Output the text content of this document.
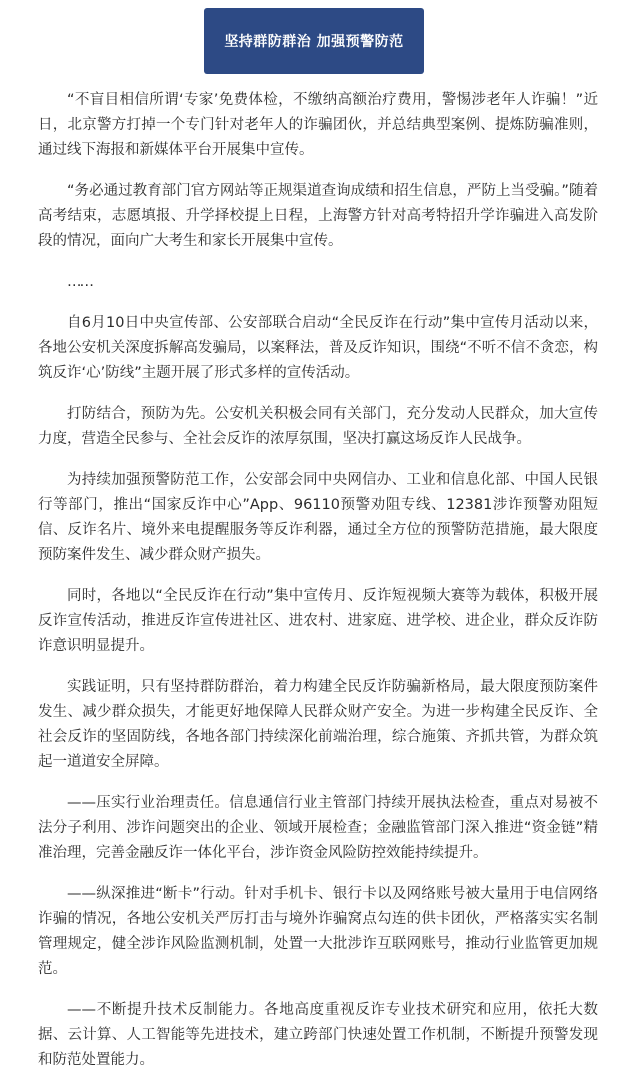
坚持群防群治 加强预警防范

“不盲目相信所谓‘专家’免费体检，不缴纳高额治疗费用，警惕涉老年人诈骗！”近日，北京警方打掉一个专门针对老年人的诈骗团伙，并总结典型案例、提炼防骗准则，通过线下海报和新媒体平台开展集中宣传。

“务必通过教育部门官方网站等正规渠道查询成绩和招生信息，严防上当受骗。”随着高考结束，志愿填报、升学择校提上日程，上海警方针对高考特招升学诈骗进入高发阶段的情况，面向广大考生和家长开展集中宣传。

……

自6月10日中央宣传部、公安部联合启动“全民反诈在行动”集中宣传月活动以来，各地公安机关深度拆解高发骗局，以案释法，普及反诈知识，围绕“不听不信不贪恋，构筑反诈‘心’防线”主题开展了形式多样的宣传活动。

打防结合，预防为先。公安机关积极会同有关部门，充分发动人民群众，加大宣传力度，营造全民参与、全社会反诈的浓厚氛围，坚决打赢这场反诈人民战争。

为持续加强预警防范工作，公安部会同中央网信办、工业和信息化部、中国人民银行等部门，推出“国家反诈中心”App、96110预警劝阻专线、12381涉诈预警劝阻短信、反诈名片、境外来电提醒服务等反诈利器，通过全方位的预警防范措施，最大限度预防案件发生、减少群众财产损失。

同时，各地以“全民反诈在行动”集中宣传月、反诈短视频大赛等为载体，积极开展反诈宣传活动，推进反诈宣传进社区、进农村、进家庭、进学校、进企业，群众反诈防诈意识明显提升。

实践证明，只有坚持群防群治，着力构建全民反诈防骗新格局，最大限度预防案件发生、减少群众损失，才能更好地保障人民群众财产安全。为进一步构建全民反诈、全社会反诈的坚固防线，各地各部门持续深化前端治理，综合施策、齐抓共管，为群众筑起一道道安全屏障。

——压实行业治理责任。信息通信行业主管部门持续开展执法检查，重点对易被不法分子利用、涉诈问题突出的企业、领域开展检查；金融监管部门深入推进“资金链”精准治理，完善金融反诈一体化平台，涉诈资金风险防控效能持续提升。

——纵深推进“断卡”行动。针对手机卡、银行卡以及网络账号被大量用于电信网络诈骗的情况，各地公安机关严厉打击与境外诈骗窝点勾连的供卡团伙，严格落实实名制管理规定，健全涉诈风险监测机制，处置一大批涉诈互联网账号，推动行业监管更加规范。

——不断提升技术反制能力。各地高度重视反诈专业技术研究和应用，依托大数据、云计算、人工智能等先进技术，建立跨部门快速处置工作机制，不断提升预警发现和防范处置能力。
